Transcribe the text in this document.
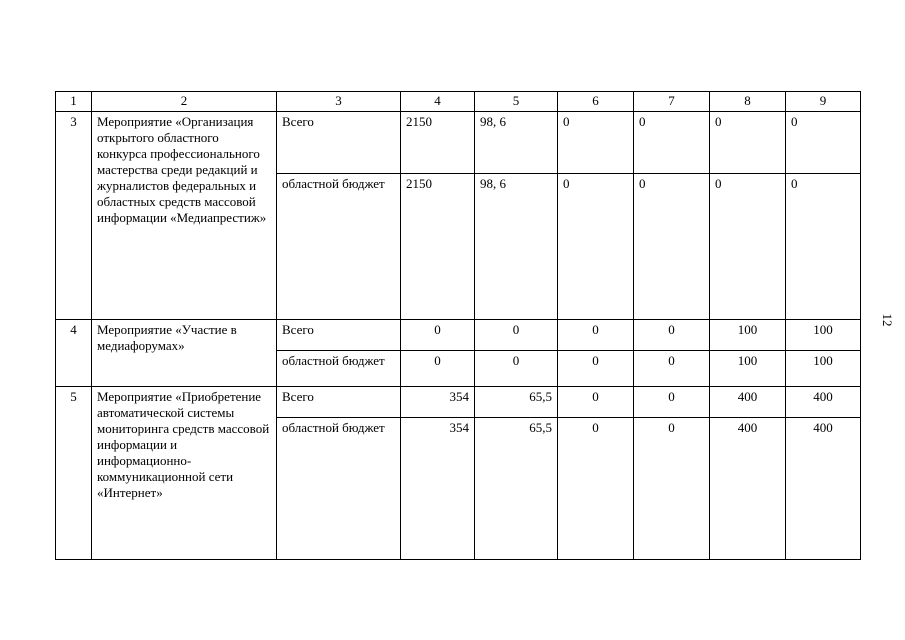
1	2	3	4	5	6	7	8	9
3	Мероприятие «Организация открытого областного конкурса профессионального мастерства среди редакций и журналистов федеральных и областных средств массовой информации «Медиапрестиж»	Всего	2150	98, 6	0	0	0	0
		областной бюджет	2150	98, 6	0	0	0	0
4	Мероприятие «Участие в медиафорумах»	Всего	0	0	0	0	100	100
		областной бюджет	0	0	0	0	100	100
5	Мероприятие «Приобретение автоматической системы мониторинга средств массовой информации и информационно-коммуникационной сети «Интернет»	Всего	354	65,5	0	0	400	400
		областной бюджет	354	65,5	0	0	400	400
12
